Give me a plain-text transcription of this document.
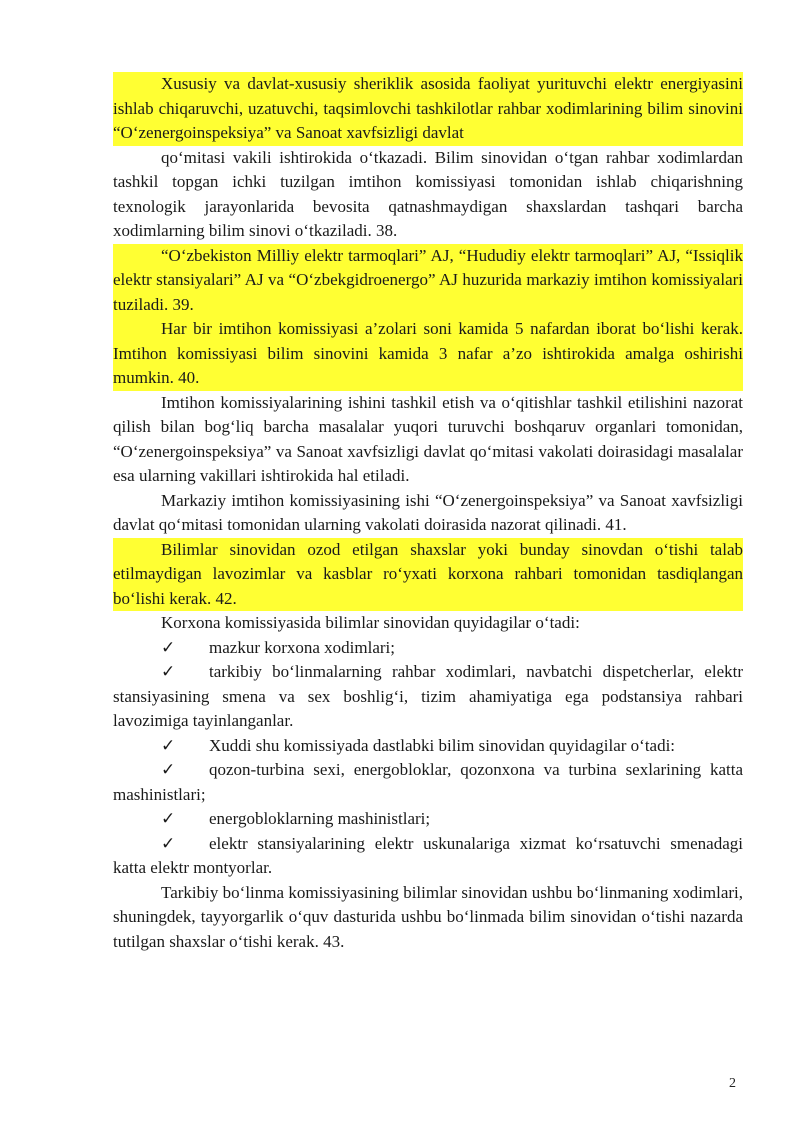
Xususiy va davlat-xususiy sheriklik asosida faoliyat yurituvchi elektr energiyasini ishlab chiqaruvchi, uzatuvchi, taqsimlovchi tashkilotlar rahbar xodimlarining bilim sinovini “O‘zenergoinspeksiya” va Sanoat xavfsizligi davlat

qo‘mitasi vakili ishtirokida o‘tkazadi. Bilim sinovidan o‘tgan rahbar xodimlardan tashkil topgan ichki tuzilgan imtihon komissiyasi tomonidan ishlab chiqarishning texnologik jarayonlarida bevosita qatnashmaydigan shaxslardan tashqari barcha xodimlarning bilim sinovi o‘tkaziladi. 38.

“O‘zbekiston Milliy elektr tarmoqlari” AJ, “Hududiy elektr tarmoqlari” AJ, “Issiqlik elektr stansiyalari” AJ va “O‘zbekgidroenergo” AJ huzurida markaziy imtihon komissiyalari tuziladi. 39.

Har bir imtihon komissiyasi a’zolari soni kamida 5 nafardan iborat bo‘lishi kerak. Imtihon komissiyasi bilim sinovini kamida 3 nafar a’zo ishtirokida amalga oshirishi mumkin. 40.

Imtihon komissiyalarining ishini tashkil etish va o‘qitishlar tashkil etilishini nazorat qilish bilan bog‘liq barcha masalalar yuqori turuvchi boshqaruv organlari tomonidan, “O‘zenergoinspeksiya” va Sanoat xavfsizligi davlat qo‘mitasi vakolati doirasidagi masalalar esa ularning vakillari ishtirokida hal etiladi.

Markaziy imtihon komissiyasining ishi “O‘zenergoinspeksiya” va Sanoat xavfsizligi davlat qo‘mitasi tomonidan ularning vakolati doirasida nazorat qilinadi. 41.

Bilimlar sinovidan ozod etilgan shaxslar yoki bunday sinovdan o‘tishi talab etilmaydigan lavozimlar va kasblar ro‘yxati korxona rahbari tomonidan tasdiqlangan bo‘lishi kerak. 42.

Korxona komissiyasida bilimlar sinovidan quyidagilar o‘tadi:

✓ mazkur korxona xodimlari;

✓ tarkibiy bo‘linmalarning rahbar xodimlari, navbatchi dispetcherlar, elektr stansiyasining smena va sex boshlig‘i, tizim ahamiyatiga ega podstansiya rahbari lavozimiga tayinlanganlar.

✓ Xuddi shu komissiyada dastlabki bilim sinovidan quyidagilar o‘tadi:

✓ qozon-turbina sexi, energobloklar, qozonxona va turbina sexlarining katta mashinistlari;

✓ energobloklarning mashinistlari;

✓ elektr stansiyalarining elektr uskunalariga xizmat ko‘rsatuvchi smenadagi katta elektr montyorlar.

Tarkibiy bo‘linma komissiyasining bilimlar sinovidan ushbu bo‘linmaning xodimlari, shuningdek, tayyorgarlik o‘quv dasturida ushbu bo‘linmada bilim sinovidan o‘tishi nazarda tutilgan shaxslar o‘tishi kerak. 43.

2
